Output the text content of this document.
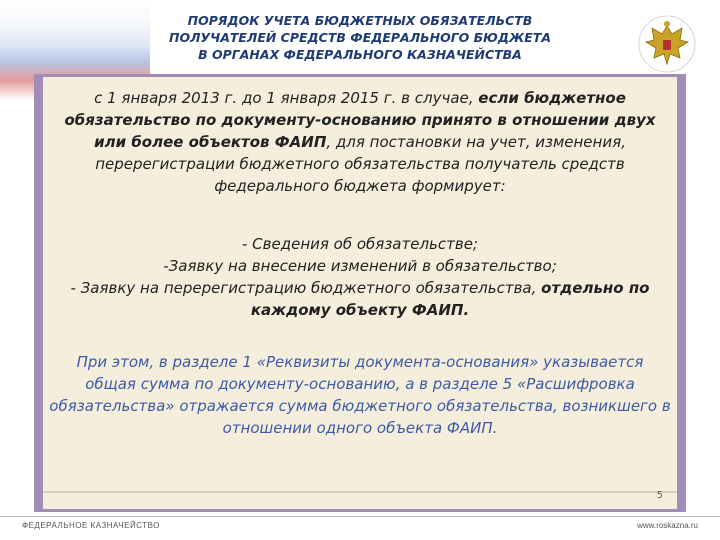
ПОРЯДОК УЧЕТА БЮДЖЕТНЫХ ОБЯЗАТЕЛЬСТВ
ПОЛУЧАТЕЛЕЙ СРЕДСТВ ФЕДЕРАЛЬНОГО БЮДЖЕТА
В ОРГАНАХ ФЕДЕРАЛЬНОГО КАЗНАЧЕЙСТВА

с 1 января 2013 г. до 1 января 2015 г. в случае, если бюджетное обязательство по документу-основанию принято в отношении двух или более объектов ФАИП, для постановки на учет, изменения, перерегистрации бюджетного обязательства получатель средств федерального бюджета формирует:

- Сведения об обязательстве;

-Заявку на внесение изменений в обязательство;

- Заявку на перерегистрацию бюджетного обязательства, отдельно по каждому объекту ФАИП.

При этом, в разделе 1 «Реквизиты документа-основания» указывается общая сумма по документу-основанию, а в разделе 5 «Расшифровка обязательства» отражается сумма бюджетного обязательства, возникшего в отношении одного объекта ФАИП.

5
ФЕДЕРАЛЬНОЕ КАЗНАЧЕЙСТВО	www.roskazna.ru
